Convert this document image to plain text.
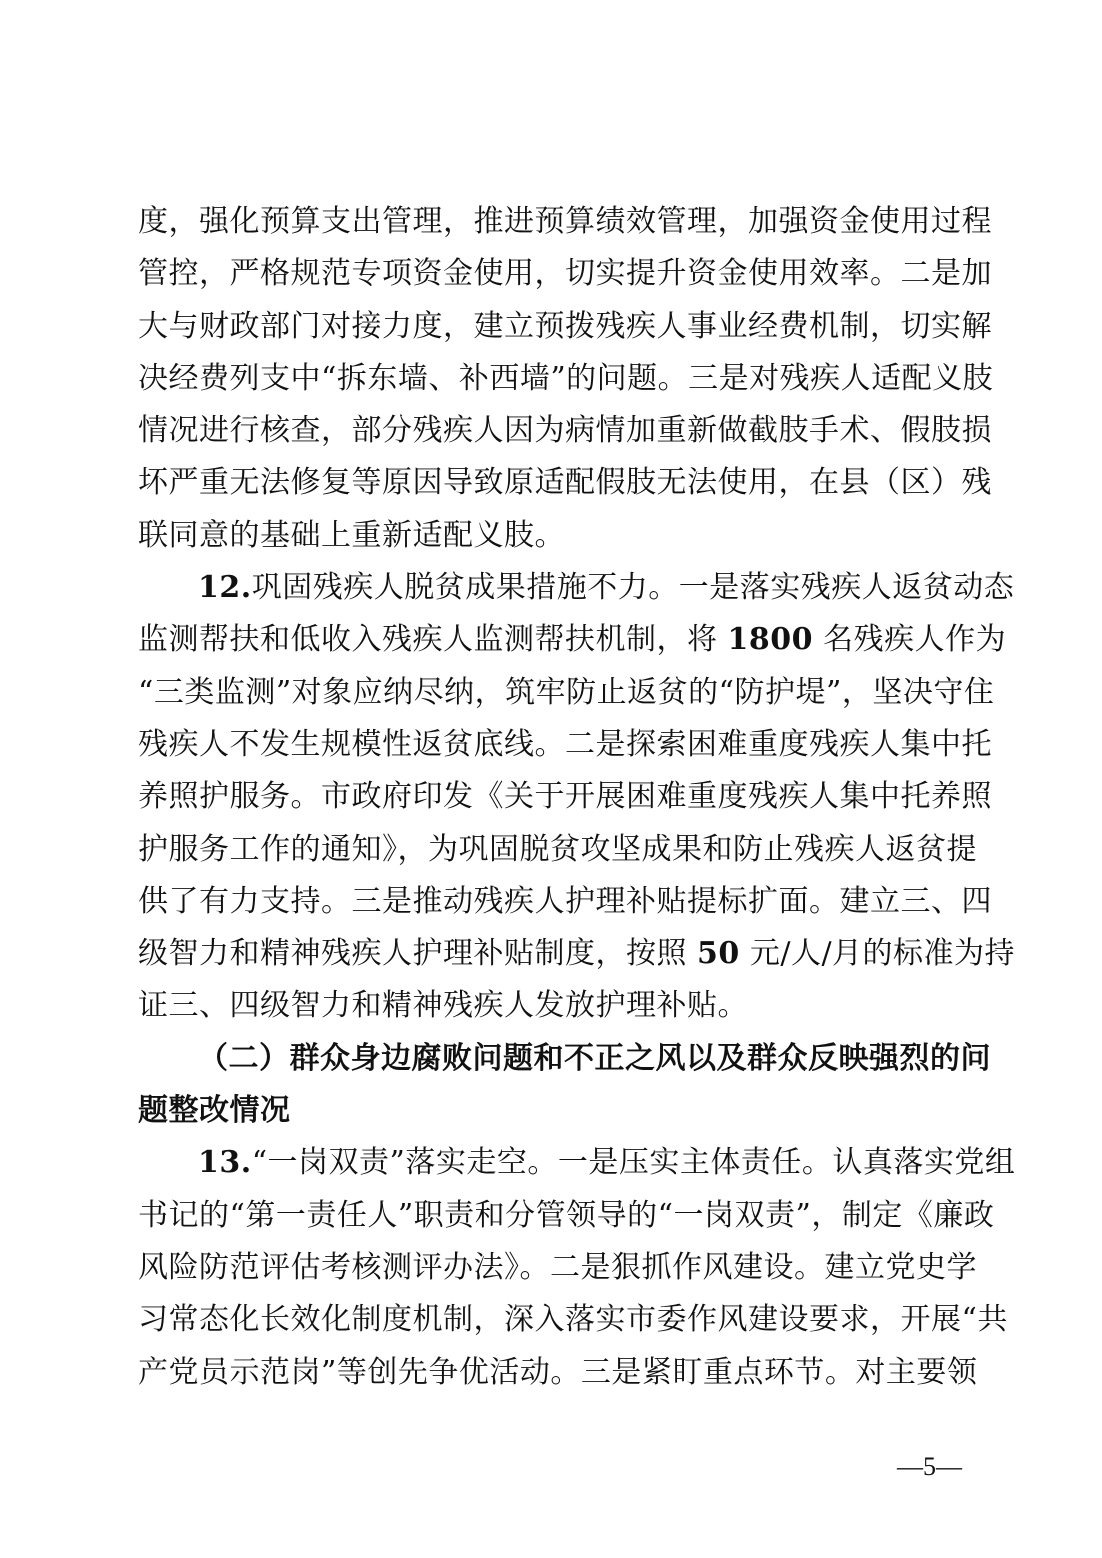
度，强化预算支出管理，推进预算绩效管理，加强资金使用过程
管控，严格规范专项资金使用，切实提升资金使用效率。二是加
大与财政部门对接力度，建立预拨残疾人事业经费机制，切实解
决经费列支中“拆东墙、补西墙”的问题。三是对残疾人适配义肢
情况进行核查，部分残疾人因为病情加重新做截肢手术、假肢损
坏严重无法修复等原因导致原适配假肢无法使用，在县（区）残
联同意的基础上重新适配义肢。
12.巩固残疾人脱贫成果措施不力。一是落实残疾人返贫动态
监测帮扶和低收入残疾人监测帮扶机制，将 1800 名残疾人作为
“三类监测”对象应纳尽纳，筑牢防止返贫的“防护堤”，坚决守住
残疾人不发生规模性返贫底线。二是探索困难重度残疾人集中托
养照护服务。市政府印发《关于开展困难重度残疾人集中托养照
护服务工作的通知》，为巩固脱贫攻坚成果和防止残疾人返贫提
供了有力支持。三是推动残疾人护理补贴提标扩面。建立三、四
级智力和精神残疾人护理补贴制度，按照 50 元/人/月的标准为持
证三、四级智力和精神残疾人发放护理补贴。
（二）群众身边腐败问题和不正之风以及群众反映强烈的问
题整改情况
13.“一岗双责”落实走空。一是压实主体责任。认真落实党组
书记的“第一责任人”职责和分管领导的“一岗双责”，制定《廉政
风险防范评估考核测评办法》。二是狠抓作风建设。建立党史学
习常态化长效化制度机制，深入落实市委作风建设要求，开展“共
产党员示范岗”等创先争优活动。三是紧盯重点环节。对主要领
—5—
